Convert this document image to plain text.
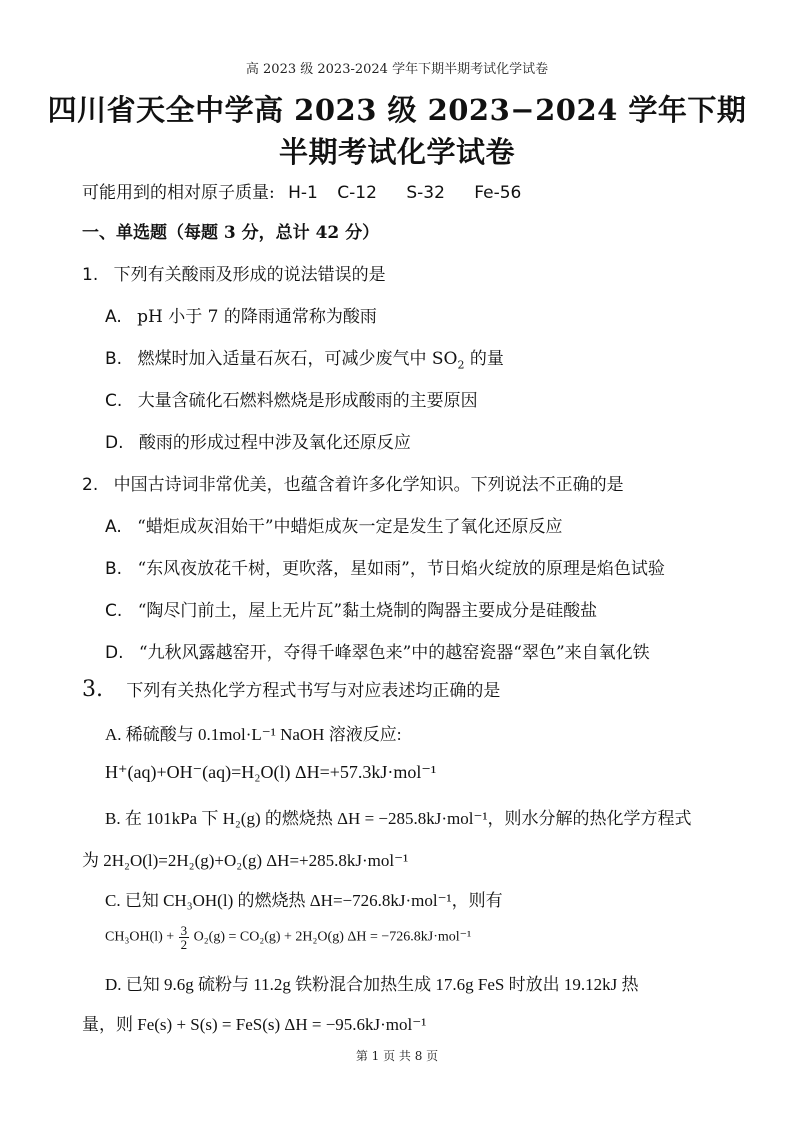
高 2023 级 2023-2024 学年下期半期考试化学试卷
四川省天全中学高 2023 级 2023−2024 学年下期
半期考试化学试卷
可能用到的相对原子质量: H-1 C-12 S-32 Fe-56
一、单选题（每题 3 分，总计 42 分）
1. 下列有关酸雨及形成的说法错误的是
A. pH 小于 7 的降雨通常称为酸雨
B. 燃煤时加入适量石灰石，可减少废气中 $SO_2$ 的量
C. 大量含硫化石燃料燃烧是形成酸雨的主要原因
D. 酸雨的形成过程中涉及氧化还原反应
2. 中国古诗词非常优美，也蕴含着许多化学知识。下列说法不正确的是
A. “蜡炬成灰泪始干”中蜡炬成灰一定是发生了氧化还原反应
B. “东风夜放花千树，更吹落，星如雨”，节日焰火绽放的原理是焰色试验
C. “陶尽门前土，屋上无片瓦”黏土烧制的陶器主要成分是硅酸盐
D. “九秋风露越窑开，夺得千峰翠色来”中的越窑瓷器“翠色”来自氧化铁
3. 下列有关热化学方程式书写与对应表述均正确的是
A. 稀硫酸与 0.1mol·L⁻¹ NaOH 溶液反应:
H⁺(aq)+OH⁻(aq)=H₂O(l) ΔH=+57.3kJ·mol⁻¹
B. 在 101kPa 下 H₂(g) 的燃烧热 ΔH = −285.8kJ·mol⁻¹，则水分解的热化学方程式
为 2H₂O(l)=2H₂(g)+O₂(g) ΔH=+285.8kJ·mol⁻¹
C. 已知 CH₃OH(l) 的燃烧热 ΔH=−726.8kJ·mol⁻¹，则有
$CH_3OH(l) + \frac{3}{2} O_2(g) = CO_2(g) + 2H_2O(g) \Delta H = -726.8kJ\cdot mol^{-1}$
D. 已知 9.6g 硫粉与 11.2g 铁粉混合加热生成 17.6g FeS 时放出 19.12kJ 热
量，则 Fe(s) + S(s) = FeS(s) ΔH = −95.6kJ·mol⁻¹
第 1 页 共 8 页
